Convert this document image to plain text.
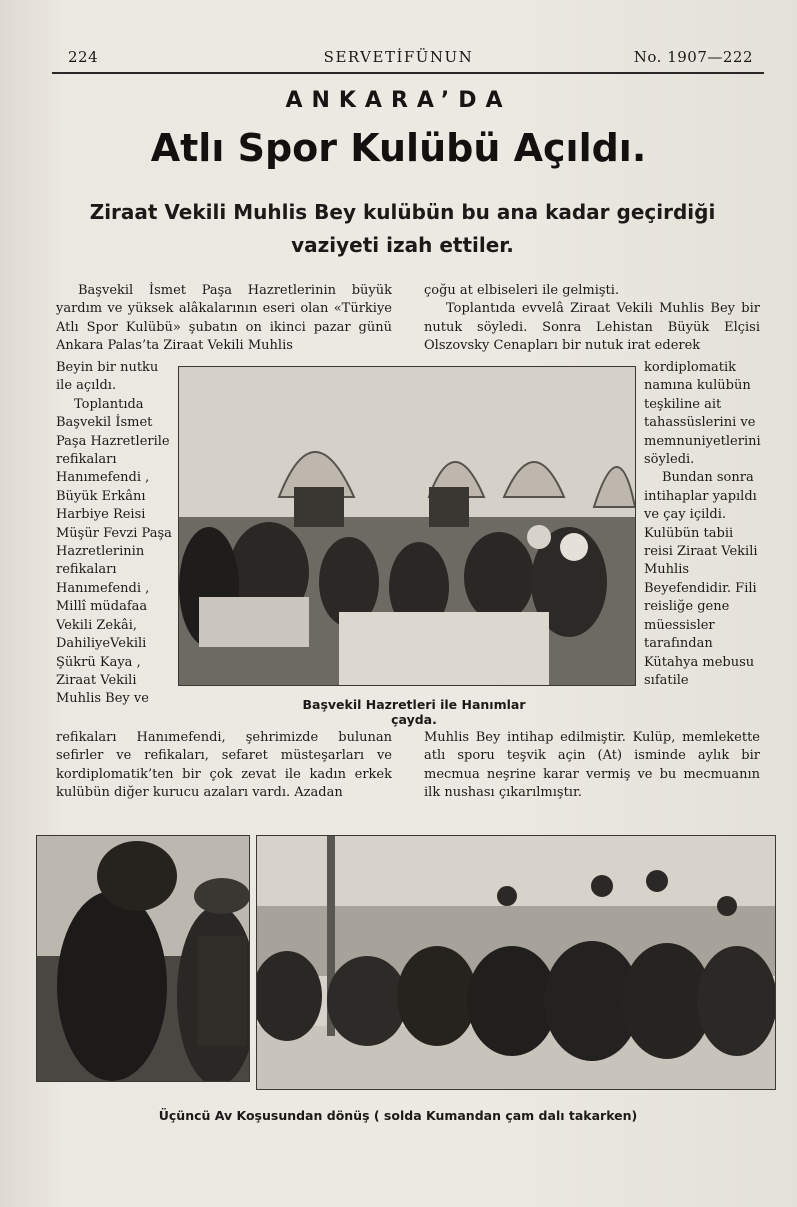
224	SERVETİFÜNUN	No. 1907—222
ANKARA’DA
Atlı Spor Kulübü Açıldı.
Ziraat Vekili Muhlis Bey kulübün bu ana kadar geçirdiği
vaziyeti izah ettiler.

Başvekil İsmet Paşa Hazretlerinin büyük yardım ve yüksek alâkalarının eseri olan «Türkiye Atlı Spor Kulübü» şubatın on ikinci pazar günü Ankara Palas’ta Ziraat Vekili Muhlis

Beyin bir nutku ile açıldı.

Toplantıda Başvekil İsmet Paşa Hazretlerile refikaları Hanımefendi , Büyük Erkânı Harbiye Reisi Müşür Fevzi Paşa Hazretlerinin refikaları Hanımefendi , Millî müdafaa Vekili Zekâi, DahiliyeVekili Şükrü Kaya , Ziraat Vekili Muhlis Bey ve

refikaları Hanımefendi, şehrimizde bulunan sefirler ve refikaları, sefaret müsteşarları ve kordiplomatik’ten bir çok zevat ile kadın erkek kulübün diğer kurucu azaları vardı. Azadan

çoğu at elbiseleri ile gelmişti.

Toplantıda evvelâ Ziraat Vekili Muhlis Bey bir nutuk söyledi. Sonra Lehistan Büyük Elçisi Olszovsky Cenapları bir nutuk irat ederek

kordiplomatik namına kulübün teşkiline ait tahassüslerini ve memnuniyetlerini söyledi.

Bundan sonra intihaplar yapıldı ve çay içildi. Kulübün tabii reisi Ziraat Vekili Muhlis Beyefendidir. Fili reisliğe gene müessisler tarafından Kütahya mebusu sıfatile

Muhlis Bey intihap edilmiştir. Kulüp, memlekette atlı sporu teşvik açin (At) isminde aylık bir mecmua neşrine karar vermiş ve bu mecmuanın ilk nushası çıkarılmıştır.

Başvekil Hazretleri ile Hanımlar çayda.
Üçüncü Av Koşusundan dönüş ( solda Kumandan çam dalı takarken)
